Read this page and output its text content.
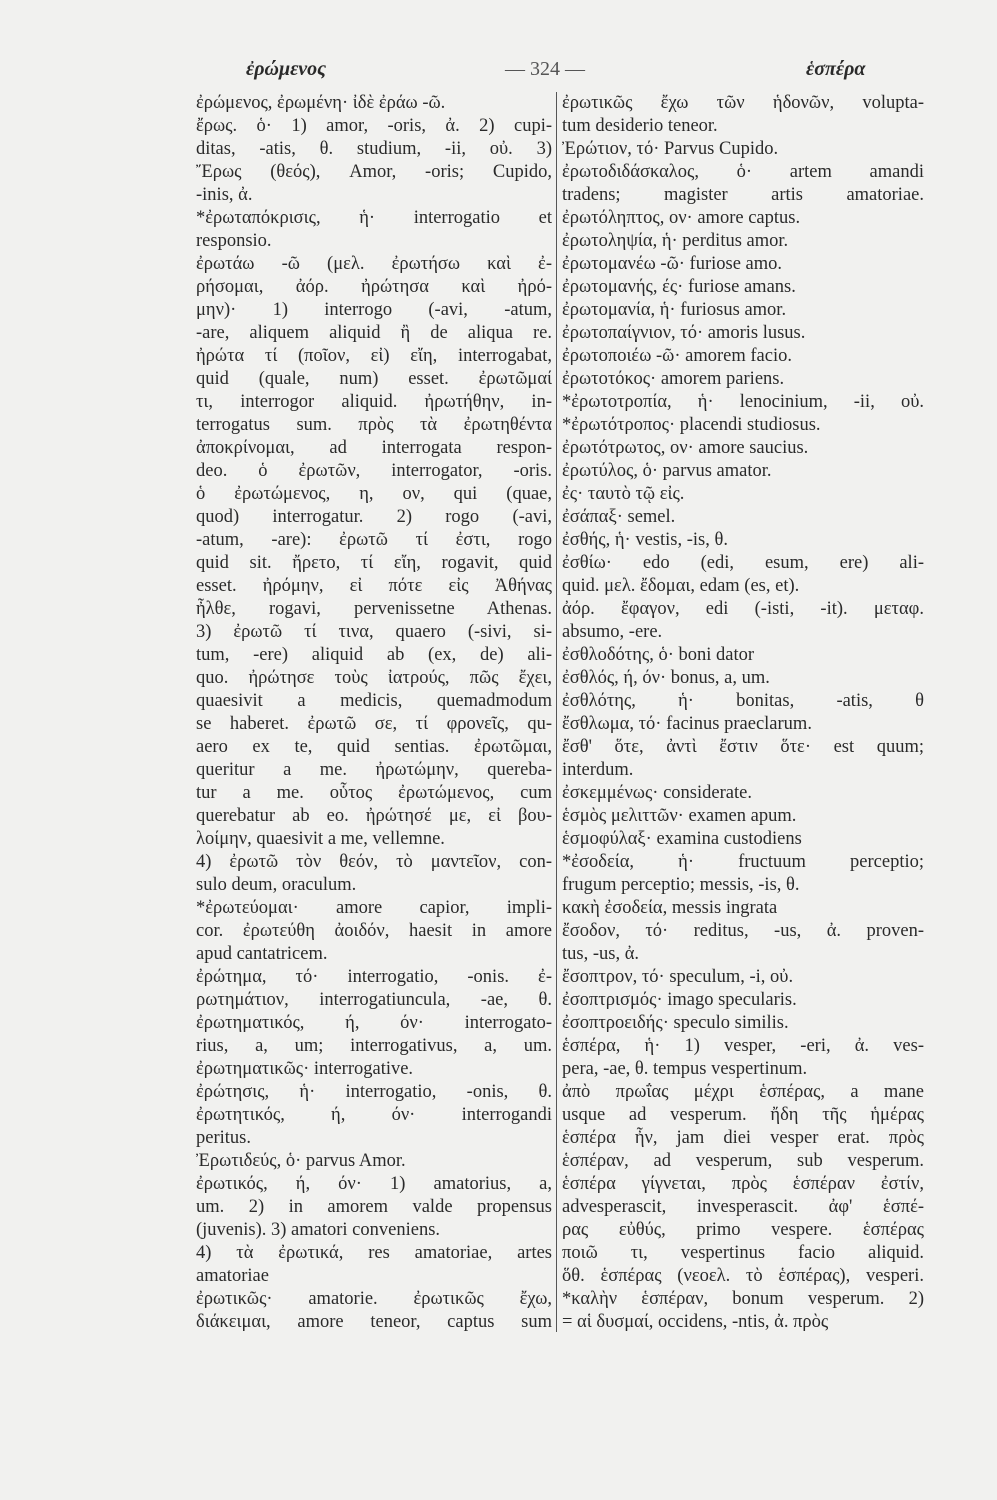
ἐρώμενος	— 324 —	ἑσπέρα
ἐρώμενος, ἐρωμένη· ἰδὲ ἐράω -ῶ.
ἔρως. ὁ· 1) amor, -oris, ἀ. 2) cupi-
ditas, -atis, θ. studium, -ii, οὐ. 3)
Ἔρως (θεός), Amor, -oris; Cupido,
-inis, ἀ.
*ἐρωταπόκρισις, ἡ· interrogatio et
responsio.
ἐρωτάω -ῶ (μελ. ἐρωτήσω καὶ ἐ-
ρήσομαι, ἀόρ. ἠρώτησα καὶ ἠρό-
μην)· 1) interrogo (-avi, -atum,
-are, aliquem aliquid ἢ de aliqua re.
ἠρώτα τί (ποῖον, εἰ) εἴη, interrogabat,
quid (quale, num) esset. ἐρωτῶμαί
τι, interrogor aliquid. ἠρωτήθην, in-
terrogatus sum. πρὸς τὰ ἐρωτηθέντα
ἀποκρίνομαι, ad interrogata respon-
deo. ὁ ἐρωτῶν, interrogator, -oris.
ὁ ἐρωτώμενος, η, ον, qui (quae,
quod) interrogatur. 2) rogo (-avi,
-atum, -are): ἐρωτῶ τί ἐστι, rogo
quid sit. ἤρετο, τί εἴη, rogavit, quid
esset. ἠρόμην, εἰ πότε εἰς Ἀθήνας
ἦλθε, rogavi, pervenissetne Athenas.
3) ἐρωτῶ τί τινα, quaero (-sivi, si-
tum, -ere) aliquid ab (ex, de) ali-
quo. ἠρώτησε τοὺς ἰατρούς, πῶς ἔχει,
quaesivit a medicis, quemadmodum
se haberet. ἐρωτῶ σε, τί φρονεῖς, qu-
aero ex te, quid sentias. ἐρωτῶμαι,
queritur a me. ἠρωτώμην, quereba-
tur a me. οὗτος ἐρωτώμενος, cum
querebatur ab eo. ἠρώτησέ με, εἰ βου-
λοίμην, quaesivit a me, vellemne.
4) ἐρωτῶ τὸν θεόν, τὸ μαντεῖον, con-
sulo deum, oraculum.
*ἐρωτεύομαι· amore capior, impli-
cor. ἐρωτεύθη ἀοιδόν, haesit in amore
apud cantatricem.
ἐρώτημα, τό· interrogatio, -onis. ἐ-
ρωτημάτιον, interrogatiuncula, -ae, θ.
ἐρωτηματικός, ή, όν· interrogato-
rius, a, um; interrogativus, a, um.
ἐρωτηματικῶς· interrogative.
ἐρώτησις, ἡ· interrogatio, -onis, θ.
ἐρωτητικός, ή, όν· interrogandi
peritus.
Ἐρωτιδεύς, ὁ· parvus Amor.
ἐρωτικός, ή, όν· 1) amatorius, a,
um. 2) in amorem valde propensus
(juvenis). 3) amatori conveniens.
4) τὰ ἐρωτικά, res amatoriae, artes
amatoriae
ἐρωτικῶς· amatorie. ἐρωτικῶς ἔχω,
διάκειμαι, amore teneor, captus sum
ἐρωτικῶς ἔχω τῶν ἡδονῶν, volupta-
tum desiderio teneor.
Ἐρώτιον, τό· Parvus Cupido.
ἐρωτοδιδάσκαλος, ὁ· artem amandi
tradens; magister artis amatoriae.
ἐρωτόληπτος, ον· amore captus.
ἐρωτοληψία, ἡ· perditus amor.
ἐρωτομανέω -ῶ· furiose amo.
ἐρωτομανής, ές· furiose amans.
ἐρωτομανία, ἡ· furiosus amor.
ἐρωτοπαίγνιον, τό· amoris lusus.
ἐρωτοποιέω -ῶ· amorem facio.
ἐρωτοτόκος· amorem pariens.
*ἐρωτοτροπία, ἡ· lenocinium, -ii, οὐ.
*ἐρωτότροπος· placendi studiosus.
ἐρωτότρωτος, ον· amore saucius.
ἐρωτύλος, ὁ· parvus amator.
ἐς· ταυτὸ τῷ εἰς.
ἐσάπαξ· semel.
ἐσθής, ἡ· vestis, -is, θ.
ἐσθίω· edo (edi, esum, ere) ali-
quid. μελ. ἔδομαι, edam (es, et).
ἀόρ. ἔφαγον, edi (-isti, -it). μεταφ.
absumo, -ere.
ἐσθλοδότης, ὁ· boni dator
ἐσθλός, ή, όν· bonus, a, um.
ἐσθλότης, ἡ· bonitas, -atis, θ
ἔσθλωμα, τό· facinus praeclarum.
ἔσθ' ὅτε, ἀντὶ ἔστιν ὅτε· est quum;
interdum.
ἐσκεμμένως· considerate.
ἑσμὸς μελιττῶν· examen apum.
ἑσμοφύλαξ· examina custodiens
*ἐσοδεία, ἡ· fructuum perceptio;
frugum perceptio; messis, -is, θ.
κακὴ ἐσοδεία, messis ingrata
ἔσοδον, τό· reditus, -us, ἀ. proven-
tus, -us, ἀ.
ἔσοπτρον, τό· speculum, -i, οὐ.
ἐσοπτρισμός· imago specularis.
ἐσοπτροειδής· speculo similis.
ἑσπέρα, ἡ· 1) vesper, -eri, ἀ. ves-
pera, -ae, θ. tempus vespertinum.
ἀπὸ πρωΐας μέχρι ἑσπέρας, a mane
usque ad vesperum. ἤδη τῆς ἡμέρας
ἑσπέρα ἦν, jam diei vesper erat. πρὸς
ἑσπέραν, ad vesperum, sub vesperum.
ἑσπέρα γίγνεται, πρὸς ἑσπέραν ἐστίν,
advesperascit, invesperascit. ἀφ' ἑσπέ-
ρας εὐθύς, primo vespere. ἑσπέρας
ποιῶ τι, vespertinus facio aliquid.
ὅθ. ἑσπέρας (νεοελ. τὸ ἑσπέρας), vesperi.
*καλὴν ἑσπέραν, bonum vesperum. 2)
= αἱ δυσμαί, occidens, -ntis, ἀ. πρὸς
